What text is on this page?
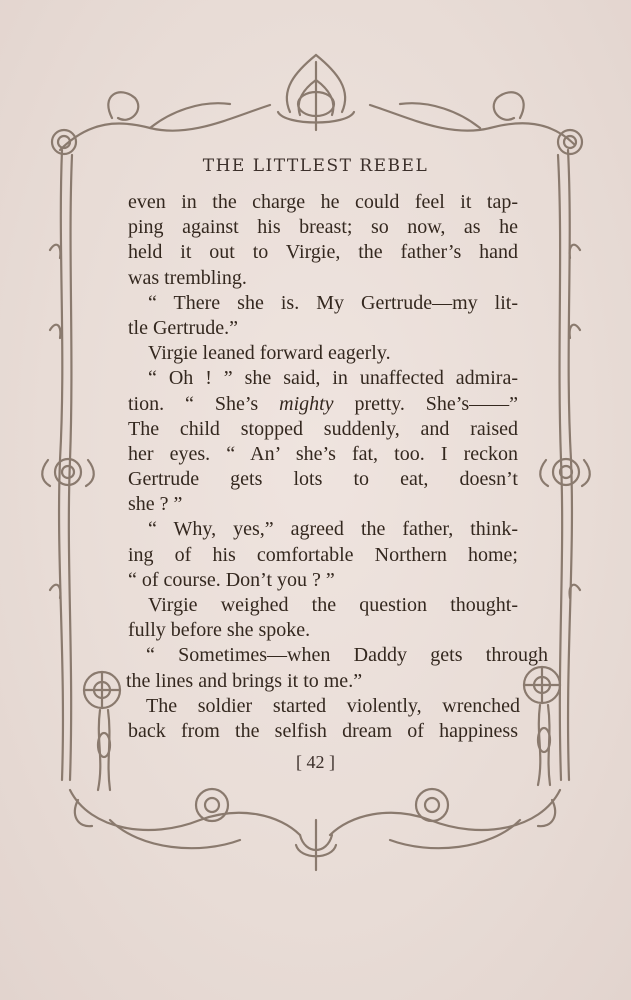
THE LITTLEST REBEL
even in the charge he could feel it tap-
ping against his breast; so now, as he
held it out to Virgie, the father’s hand
was trembling.
“ There she is. My Gertrude—my lit-
tle Gertrude.”
Virgie leaned forward eagerly.
“ Oh ! ” she said, in unaffected admira-
tion. “ She’s mighty pretty. She’s——”
The child stopped suddenly, and raised
her eyes. “ An’ she’s fat, too. I reckon
Gertrude gets lots to eat, doesn’t
she ? ”
“ Why, yes,” agreed the father, think-
ing of his comfortable Northern home;
“ of course. Don’t you ? ”
Virgie weighed the question thought-
fully before she spoke.
“ Sometimes—when Daddy gets through
the lines and brings it to me.”
The soldier started violently, wrenched
back from the selfish dream of happiness
[ 42 ]
